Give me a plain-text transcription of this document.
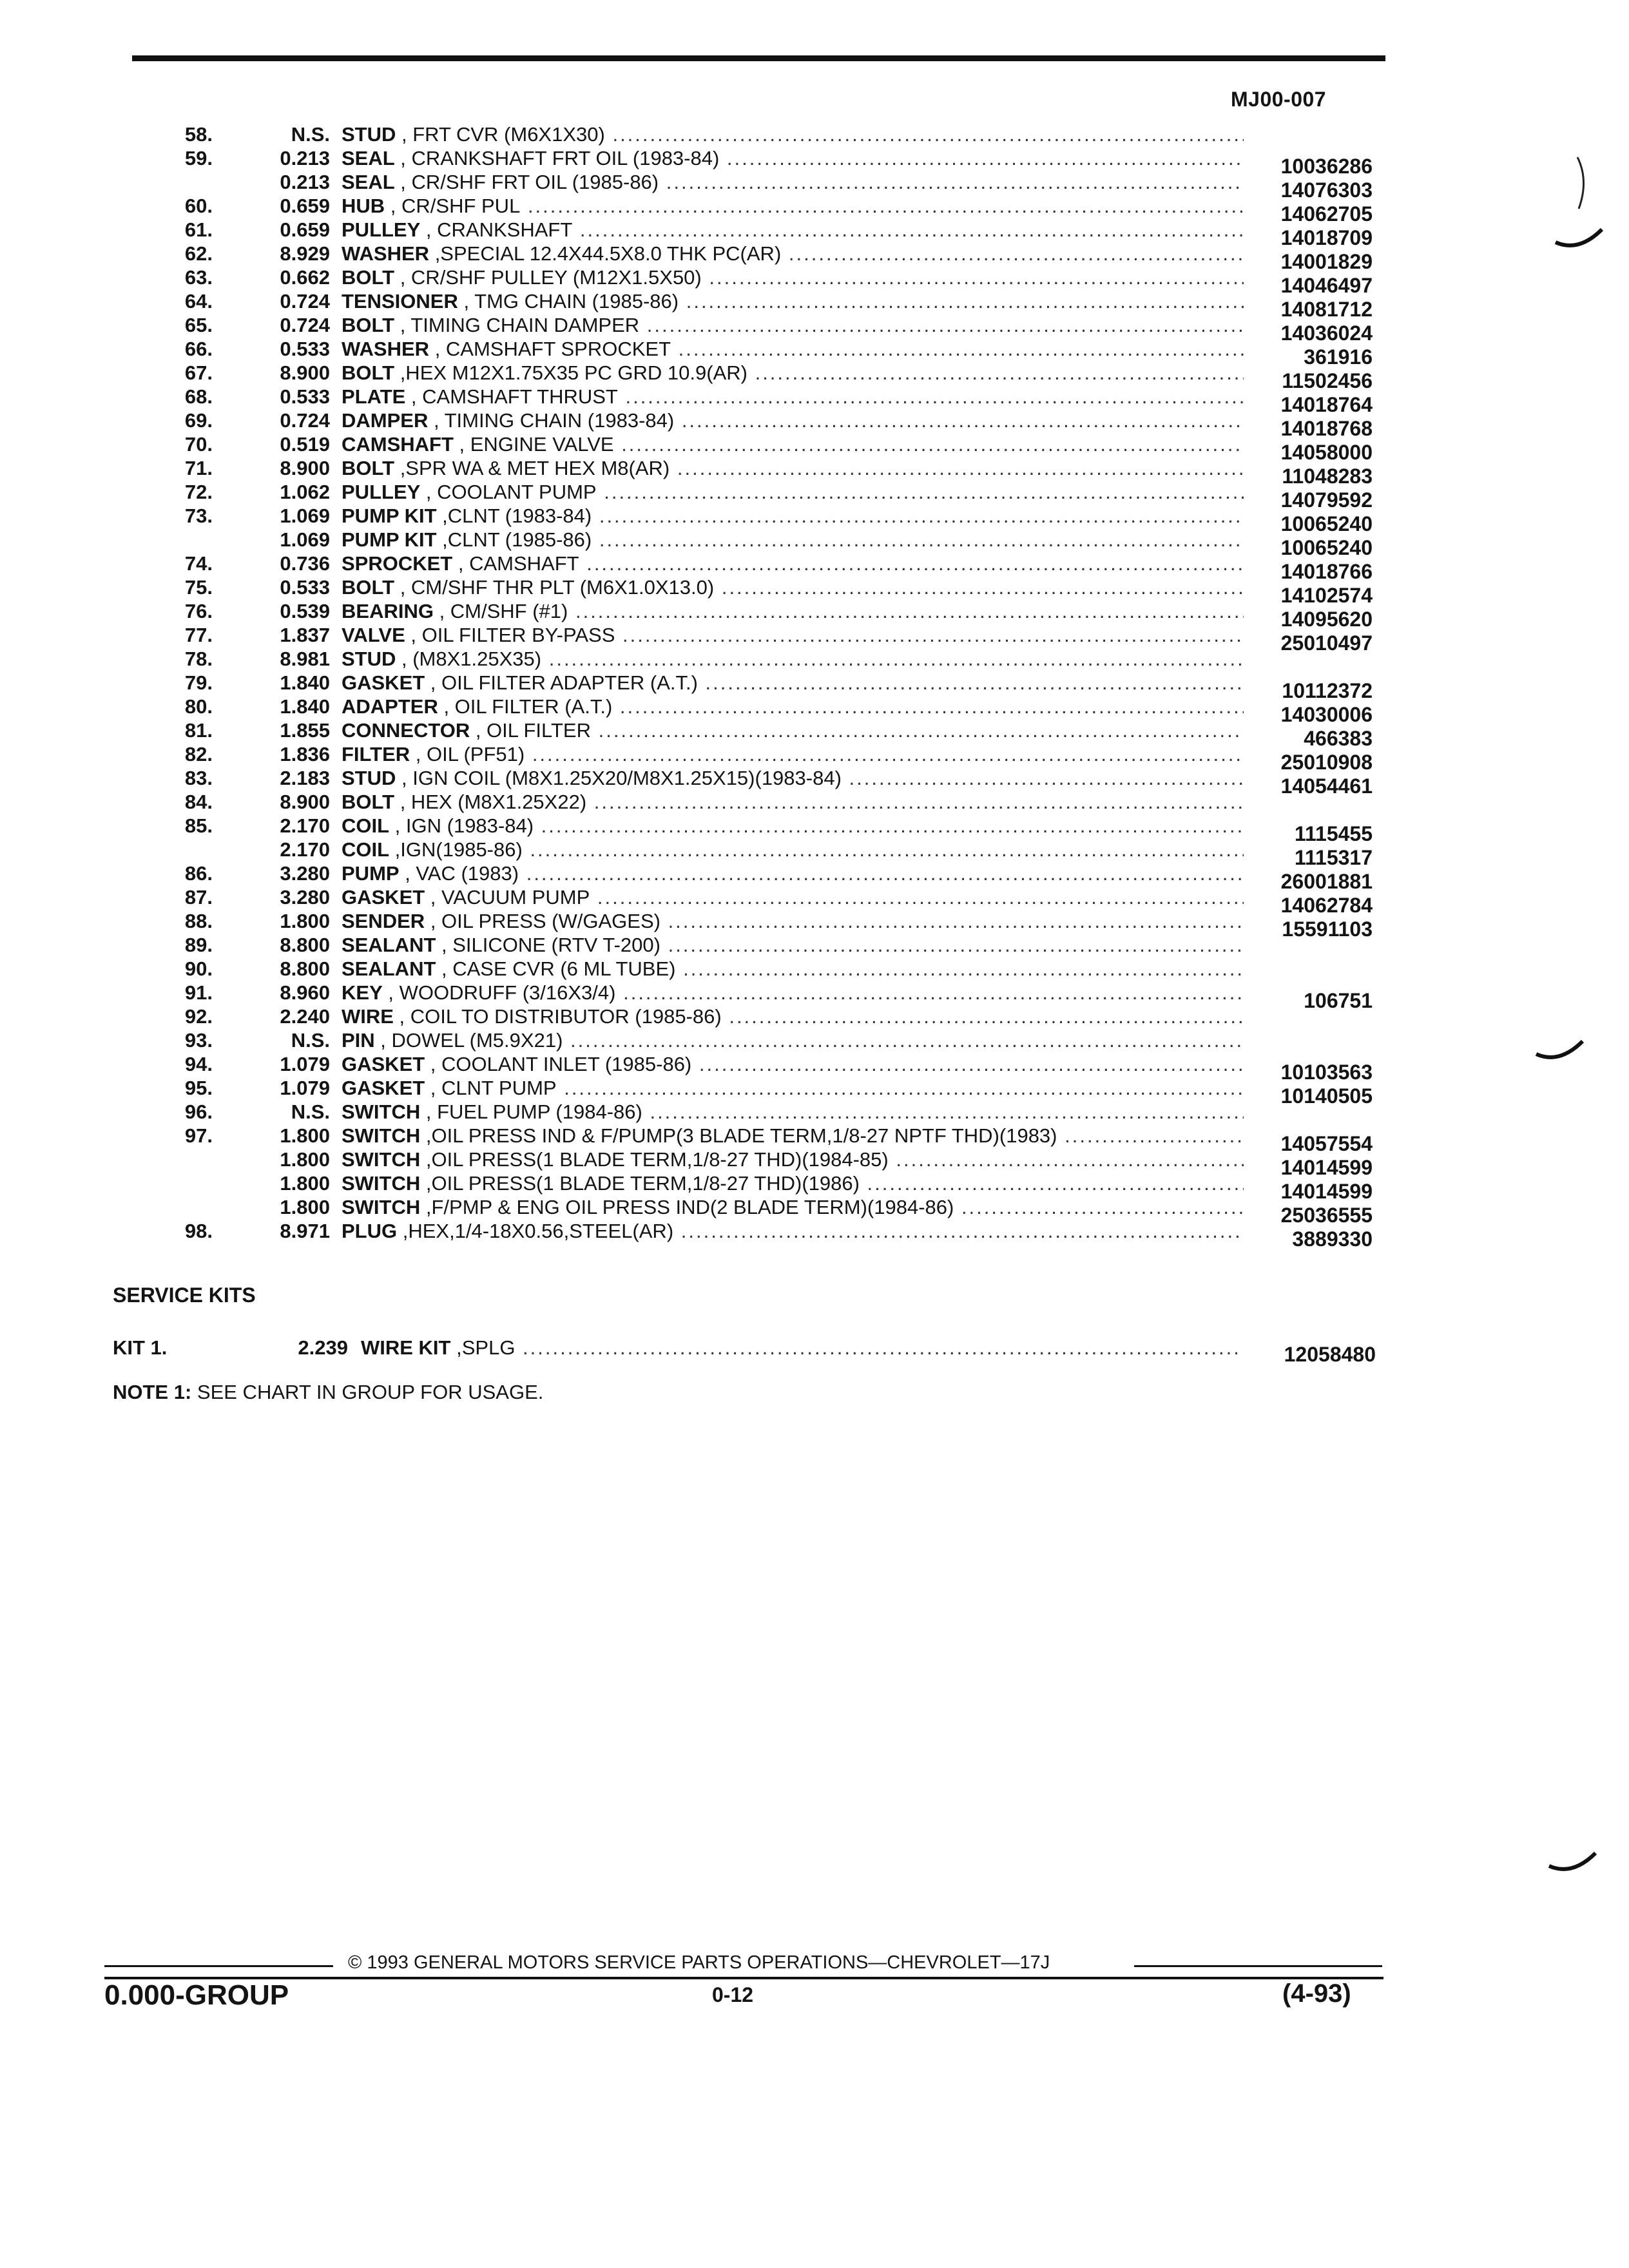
MJ00-007
58.	N.S. STUD , FRT CVR (M6X1X30) .....
59.	0.213 SEAL , CRANKSHAFT FRT OIL (1983-84) .....	10036286
0.213 SEAL , CR/SHF FRT OIL (1985-86) .....	14076303
60.	0.659 HUB , CR/SHF PUL .....	14062705
61.	0.659 PULLEY , CRANKSHAFT .....	14018709
62.	8.929 WASHER ,SPECIAL 12.4X44.5X8.0 THK PC(AR) .....	14001829
63.	0.662 BOLT , CR/SHF PULLEY (M12X1.5X50) .....	14046497
64.	0.724 TENSIONER , TMG CHAIN (1985-86) .....	14081712
65.	0.724 BOLT , TIMING CHAIN DAMPER .....	14036024
66.	0.533 WASHER , CAMSHAFT SPROCKET .....	361916
67.	8.900 BOLT ,HEX M12X1.75X35 PC GRD 10.9(AR) .....	11502456
68.	0.533 PLATE , CAMSHAFT THRUST .....	14018764
69.	0.724 DAMPER , TIMING CHAIN (1983-84) .....	14018768
70.	0.519 CAMSHAFT , ENGINE VALVE .....	14058000
71.	8.900 BOLT ,SPR WA & MET HEX M8(AR) .....	11048283
72.	1.062 PULLEY , COOLANT PUMP .....	14079592
73.	1.069 PUMP KIT ,CLNT (1983-84) .....	10065240
1.069 PUMP KIT ,CLNT (1985-86) .....	10065240
74.	0.736 SPROCKET , CAMSHAFT .....	14018766
75.	0.533 BOLT , CM/SHF THR PLT (M6X1.0X13.0) .....	14102574
76.	0.539 BEARING , CM/SHF (#1) .....	14095620
77.	1.837 VALVE , OIL FILTER BY-PASS .....	25010497
78.	8.981 STUD , (M8X1.25X35) .....
79.	1.840 GASKET , OIL FILTER ADAPTER (A.T.) .....	10112372
80.	1.840 ADAPTER , OIL FILTER (A.T.) .....	14030006
81.	1.855 CONNECTOR , OIL FILTER .....	466383
82.	1.836 FILTER , OIL (PF51) .....	25010908
83.	2.183 STUD , IGN COIL (M8X1.25X20/M8X1.25X15)(1983-84) .....	14054461
84.	8.900 BOLT , HEX (M8X1.25X22) .....
85.	2.170 COIL , IGN (1983-84) .....	1115455
2.170 COIL ,IGN(1985-86) .....	1115317
86.	3.280 PUMP , VAC (1983) .....	26001881
87.	3.280 GASKET , VACUUM PUMP .....	14062784
88.	1.800 SENDER , OIL PRESS (W/GAGES) .....	15591103
89.	8.800 SEALANT , SILICONE (RTV T-200) .....
90.	8.800 SEALANT , CASE CVR (6 ML TUBE) .....
91.	8.960 KEY , WOODRUFF (3/16X3/4) .....	106751
92.	2.240 WIRE , COIL TO DISTRIBUTOR (1985-86) .....
93.	N.S. PIN , DOWEL (M5.9X21) .....
94.	1.079 GASKET , COOLANT INLET (1985-86) .....	10103563
95.	1.079 GASKET , CLNT PUMP .....	10140505
96.	N.S. SWITCH , FUEL PUMP (1984-86) .....
97.	1.800 SWITCH ,OIL PRESS IND & F/PUMP(3 BLADE TERM,1/8-27 NPTF THD)(1983) .....	14057554
1.800 SWITCH ,OIL PRESS(1 BLADE TERM,1/8-27 THD)(1984-85) .....	14014599
1.800 SWITCH ,OIL PRESS(1 BLADE TERM,1/8-27 THD)(1986) .....	14014599
1.800 SWITCH ,F/PMP & ENG OIL PRESS IND(2 BLADE TERM)(1984-86) .....	25036555
98.	8.971 PLUG ,HEX,1/4-18X0.56,STEEL(AR) .....	3889330
SERVICE KITS
KIT 1.	2.239 WIRE KIT ,SPLG .....	12058480
NOTE 1: SEE CHART IN GROUP FOR USAGE.
0.000-GROUP
© 1993 GENERAL MOTORS SERVICE PARTS OPERATIONS—CHEVROLET—17J
0-12	(4-93)
